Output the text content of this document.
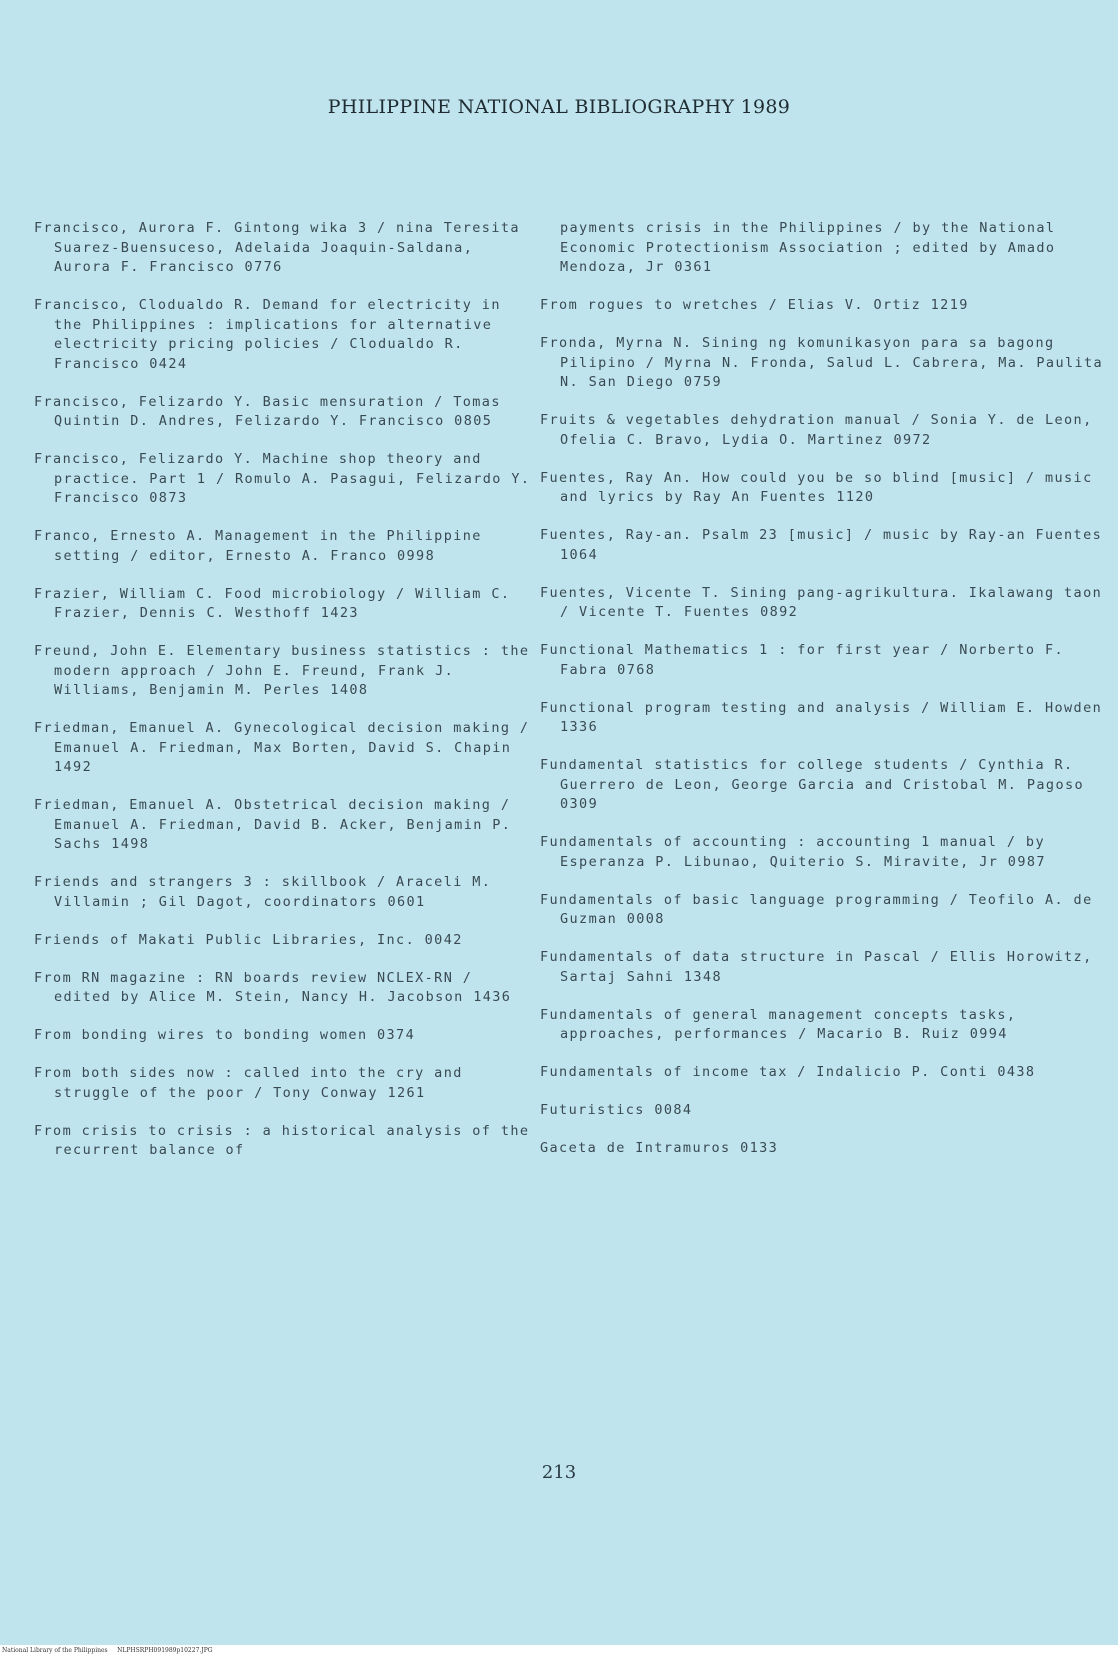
PHILIPPINE NATIONAL BIBLIOGRAPHY 1989

Francisco, Aurora F. Gintong wika 3 / nina Teresita Suarez-Buensuceso, Adelaida Joaquin-Saldana, Aurora F. Francisco 0776

Francisco, Clodualdo R. Demand for electricity in the Philippines : implications for alternative electricity pricing policies / Clodualdo R. Francisco 0424

Francisco, Felizardo Y. Basic mensuration / Tomas Quintin D. Andres, Felizardo Y. Francisco 0805

Francisco, Felizardo Y. Machine shop theory and practice. Part 1 / Romulo A. Pasagui, Felizardo Y. Francisco 0873

Franco, Ernesto A. Management in the Philippine setting / editor, Ernesto A. Franco 0998

Frazier, William C. Food microbiology / William C. Frazier, Dennis C. Westhoff 1423

Freund, John E. Elementary business statistics : the modern approach / John E. Freund, Frank J. Williams, Benjamin M. Perles 1408

Friedman, Emanuel A. Gynecological decision making / Emanuel A. Friedman, Max Borten, David S. Chapin 1492

Friedman, Emanuel A. Obstetrical decision making / Emanuel A. Friedman, David B. Acker, Benjamin P. Sachs 1498

Friends and strangers 3 : skillbook / Araceli M. Villamin ; Gil Dagot, coordinators 0601

Friends of Makati Public Libraries, Inc. 0042

From RN magazine : RN boards review NCLEX-RN / edited by Alice M. Stein, Nancy H. Jacobson 1436

From bonding wires to bonding women 0374

From both sides now : called into the cry and struggle of the poor / Tony Conway 1261

From crisis to crisis : a historical analysis of the recurrent balance of

payments crisis in the Philippines / by the National Economic Protectionism Association ; edited by Amado Mendoza, Jr 0361

From rogues to wretches / Elias V. Ortiz 1219

Fronda, Myrna N. Sining ng komunikasyon para sa bagong Pilipino / Myrna N. Fronda, Salud L. Cabrera, Ma. Paulita N. San Diego 0759

Fruits & vegetables dehydration manual / Sonia Y. de Leon, Ofelia C. Bravo, Lydia O. Martinez 0972

Fuentes, Ray An. How could you be so blind [music] / music and lyrics by Ray An Fuentes 1120

Fuentes, Ray-an. Psalm 23 [music] / music by Ray-an Fuentes 1064

Fuentes, Vicente T. Sining pang-agrikultura. Ikalawang taon / Vicente T. Fuentes 0892

Functional Mathematics 1 : for first year / Norberto F. Fabra 0768

Functional program testing and analysis / William E. Howden 1336

Fundamental statistics for college students / Cynthia R. Guerrero de Leon, George Garcia and Cristobal M. Pagoso 0309

Fundamentals of accounting : accounting 1 manual / by Esperanza P. Libunao, Quiterio S. Miravite, Jr 0987

Fundamentals of basic language programming / Teofilo A. de Guzman 0008

Fundamentals of data structure in Pascal / Ellis Horowitz, Sartaj Sahni 1348

Fundamentals of general management concepts tasks, approaches, performances / Macario B. Ruiz 0994

Fundamentals of income tax / Indalicio P. Conti 0438

Futuristics 0084

Gaceta de Intramuros 0133

213
National Library of the Philippines     NLPHSRPH091989p10227.JPG
